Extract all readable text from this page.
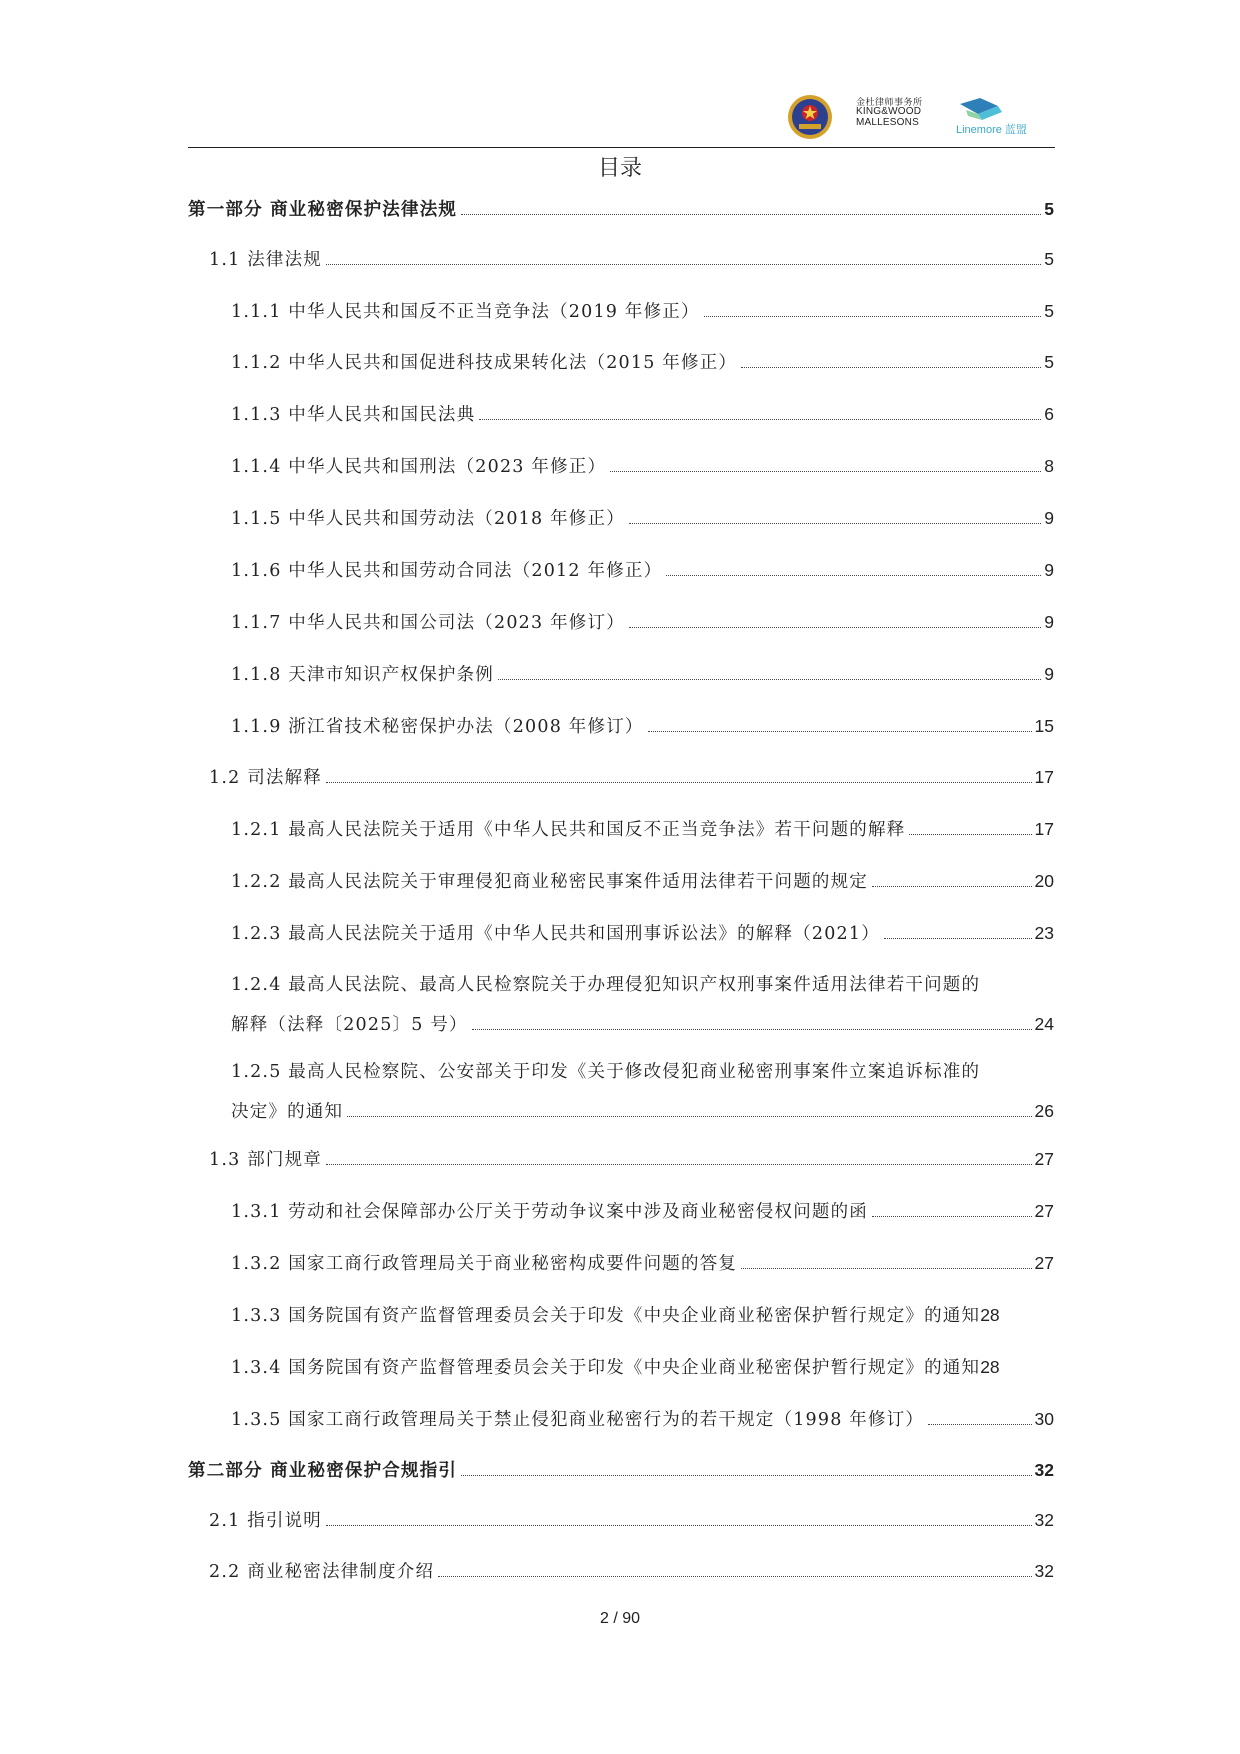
金杜律师事务所
KING&WOOD
MALLESONS
Linemore 蓝盟
目录
第一部分 商业秘密保护法律法规	5
1.1 法律法规	5
1.1.1 中华人民共和国反不正当竞争法（2019 年修正）	5
1.1.2 中华人民共和国促进科技成果转化法（2015 年修正）	5
1.1.3 中华人民共和国民法典	6
1.1.4 中华人民共和国刑法（2023 年修正）	8
1.1.5 中华人民共和国劳动法（2018 年修正）	9
1.1.6 中华人民共和国劳动合同法（2012 年修正）	9
1.1.7 中华人民共和国公司法（2023 年修订）	9
1.1.8 天津市知识产权保护条例	9
1.1.9 浙江省技术秘密保护办法（2008 年修订）	15
1.2 司法解释	17
1.2.1 最高人民法院关于适用《中华人民共和国反不正当竞争法》若干问题的解释	17
1.2.2 最高人民法院关于审理侵犯商业秘密民事案件适用法律若干问题的规定	20
1.2.3 最高人民法院关于适用《中华人民共和国刑事诉讼法》的解释（2021）	23
1.2.4 最高人民法院、最高人民检察院关于办理侵犯知识产权刑事案件适用法律若干问题的
解释（法释〔2025〕5 号）	24
1.2.5 最高人民检察院、公安部关于印发《关于修改侵犯商业秘密刑事案件立案追诉标准的
决定》的通知	26
1.3 部门规章	27
1.3.1 劳动和社会保障部办公厅关于劳动争议案中涉及商业秘密侵权问题的函	27
1.3.2 国家工商行政管理局关于商业秘密构成要件问题的答复	27
1.3.3 国务院国有资产监督管理委员会关于印发《中央企业商业秘密保护暂行规定》的通知 28
1.3.4 国务院国有资产监督管理委员会关于印发《中央企业商业秘密保护暂行规定》的通知 28
1.3.5 国家工商行政管理局关于禁止侵犯商业秘密行为的若干规定（1998 年修订）	30
第二部分 商业秘密保护合规指引	32
2.1 指引说明	32
2.2 商业秘密法律制度介绍	32
2 / 90
